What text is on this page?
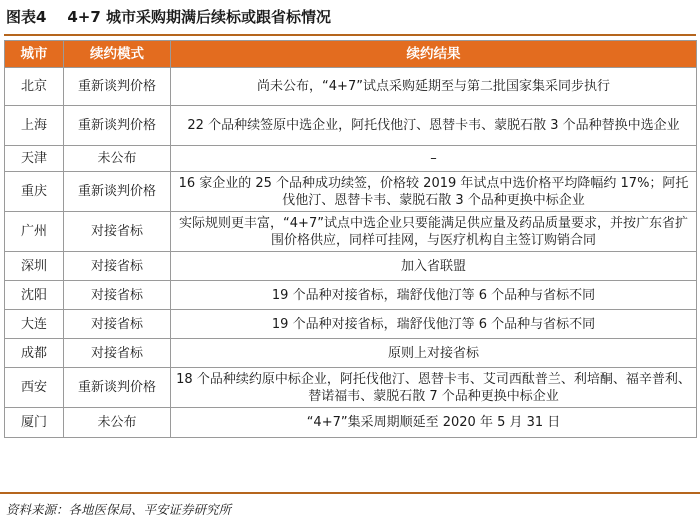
图表4 4+7 城市采购期满后续标或跟省标情况
城市	续约模式	续约结果
北京	重新谈判价格	尚未公布，“4+7”试点采购延期至与第二批国家集采同步执行
上海	重新谈判价格	22 个品种续签原中选企业，阿托伐他汀、恩替卡韦、蒙脱石散 3 个品种替换中选企业
天津	未公布	–
重庆	重新谈判价格	16 家企业的 25 个品种成功续签，价格较 2019 年试点中选价格平均降幅约 17%；阿托伐他汀、恩替卡韦、蒙脱石散 3 个品种更换中标企业
广州	对接省标	实际规则更丰富，“4+7”试点中选企业只要能满足供应量及药品质量要求，并按广东省扩围价格供应，同样可挂网，与医疗机构自主签订购销合同
深圳	对接省标	加入省联盟
沈阳	对接省标	19 个品种对接省标，瑞舒伐他汀等 6 个品种与省标不同
大连	对接省标	19 个品种对接省标，瑞舒伐他汀等 6 个品种与省标不同
成都	对接省标	原则上对接省标
西安	重新谈判价格	18 个品种续约原中标企业，阿托伐他汀、恩替卡韦、艾司西酞普兰、利培酮、福辛普利、替诺福韦、蒙脱石散 7 个品种更换中标企业
厦门	未公布	“4+7”集采周期顺延至 2020 年 5 月 31 日
资料来源：各地医保局、平安证券研究所
